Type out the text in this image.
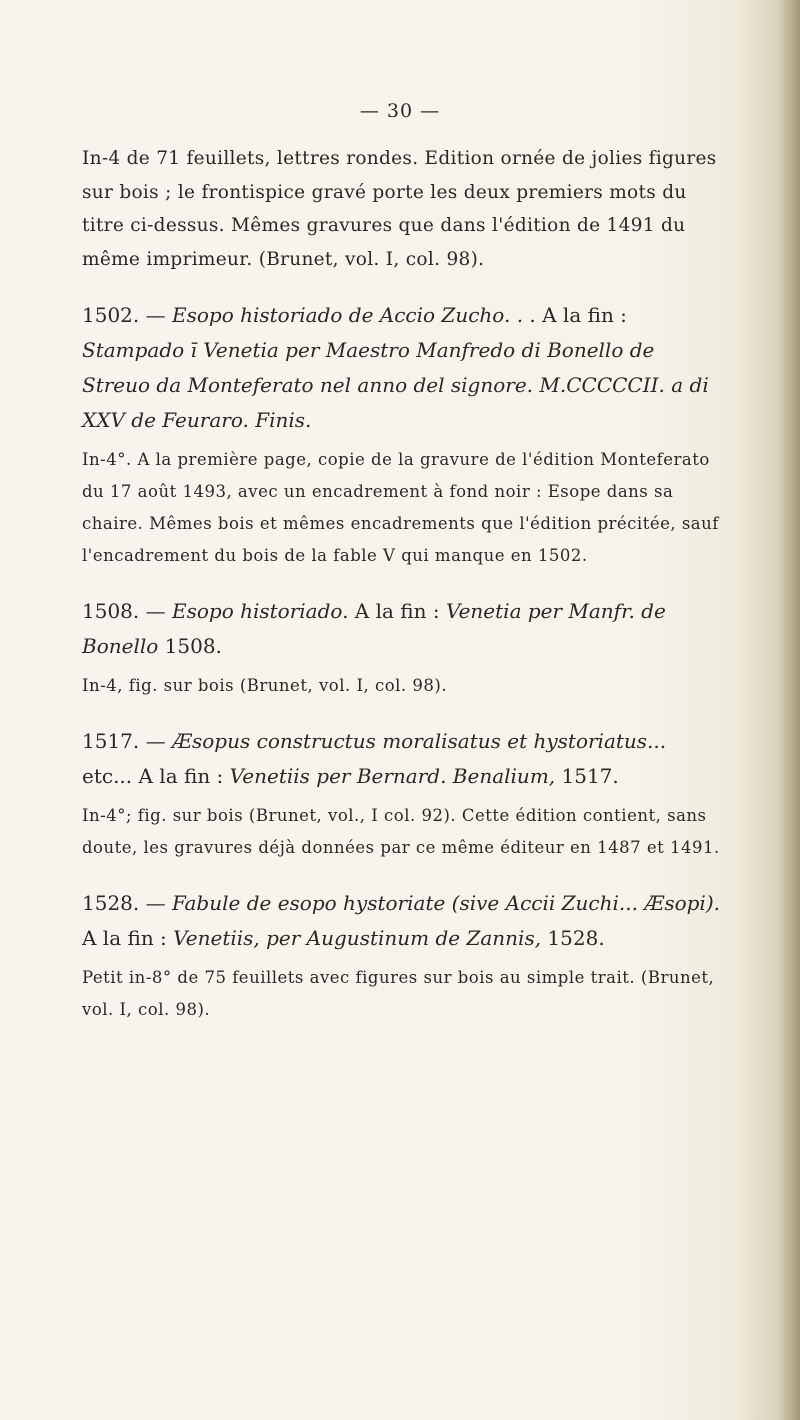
— 30 —

In-4 de 71 feuillets, lettres rondes. Edition ornée de jolies figures sur bois ; le frontispice gravé porte les deux premiers mots du titre ci-dessus. Mêmes gravures que dans l'édition de 1491 du même imprimeur. (Brunet, vol. I, col. 98).

1502. — Esopo historiado de Accio Zucho. . . A la fin : Stampado ī Venetia per Maestro Manfredo di Bonello de Streuo da Monteferato nel anno del signore. M.CCCCCII. a di XXV de Feuraro. Finis.

In-4°. A la première page, copie de la gravure de l'édition Monteferato du 17 août 1493, avec un encadrement à fond noir : Esope dans sa chaire. Mêmes bois et mêmes encadrements que l'édition précitée, sauf l'encadrement du bois de la fable V qui manque en 1502.

1508. — Esopo historiado. A la fin : Venetia per Manfr. de Bonello 1508.

In-4, fig. sur bois (Brunet, vol. I, col. 98).

1517. — Æsopus constructus moralisatus et hystoriatus... etc... A la fin : Venetiis per Bernard. Benalium, 1517.

In-4°; fig. sur bois (Brunet, vol., I col. 92). Cette édition contient, sans doute, les gravures déjà données par ce même éditeur en 1487 et 1491.

1528. — Fabule de esopo hystoriate (sive Accii Zuchi... Æsopi). A la fin : Venetiis, per Augustinum de Zannis, 1528.

Petit in-8° de 75 feuillets avec figures sur bois au simple trait. (Brunet, vol. I, col. 98).
